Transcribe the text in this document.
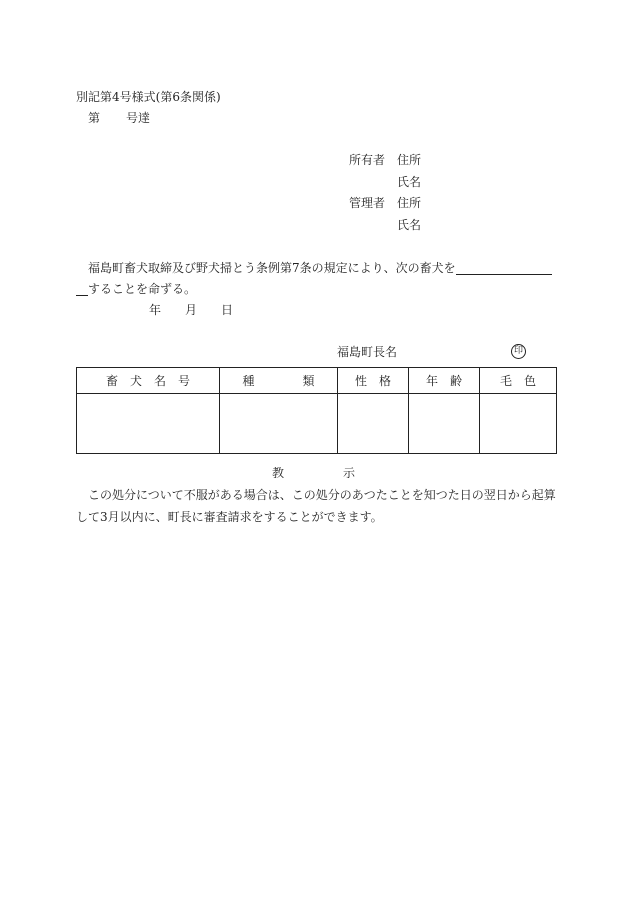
別記第4号様式(第6条関係)
第 号達
所有者 住所
氏名
管理者 住所
氏名
福島町畜犬取締及び野犬掃とう条例第7条の規定により、次の畜犬を
することを命ずる。
年 月 日
福島町長名	印
畜　犬　名　号	種　　　　類	性　格	年　齢	毛　色

教	示
この処分について不服がある場合は、この処分のあつたことを知つた日の翌日から起算
して3月以内に、町長に審査請求をすることができます。
